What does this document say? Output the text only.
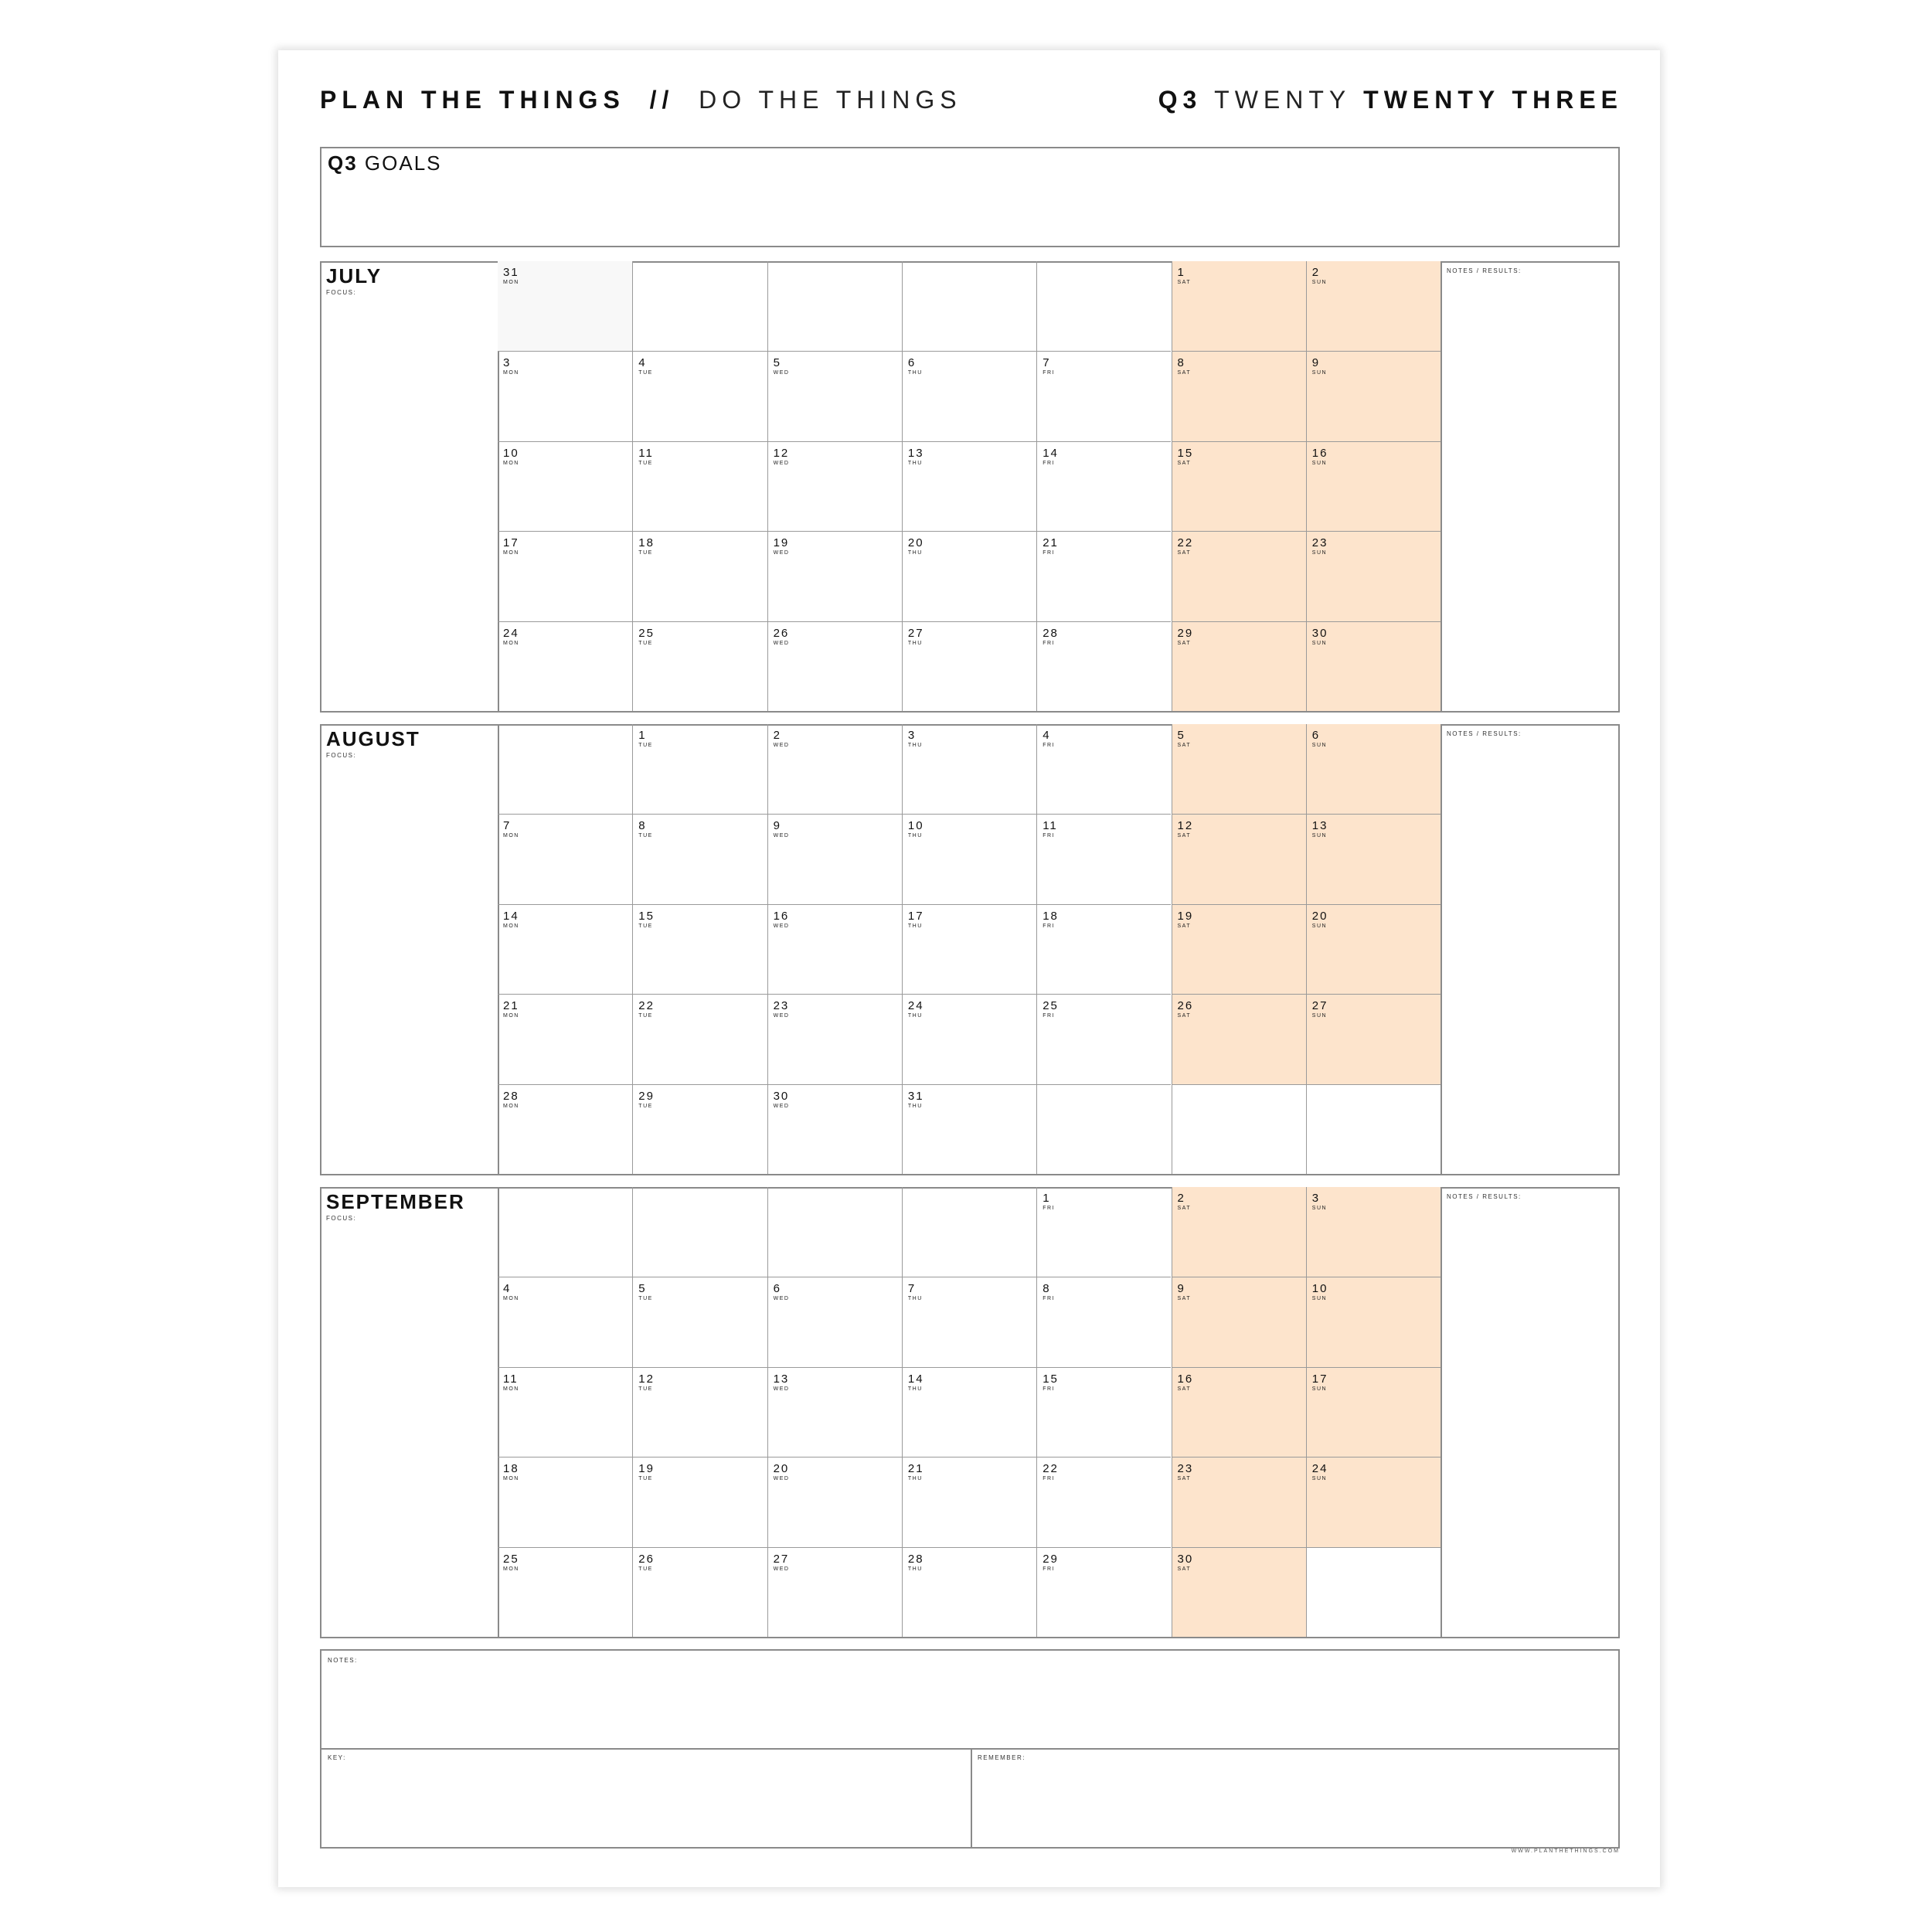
PLAN THE THINGS // DO THE THINGS	Q3 TWENTY TWENTY THREE
Q3 GOALS
JULY
FOCUS:
NOTES / RESULTS:
31
MON
1
SAT
2
SUN
3
MON
4
TUE
5
WED
6
THU
7
FRI
8
SAT
9
SUN
10
MON
11
TUE
12
WED
13
THU
14
FRI
15
SAT
16
SUN
17
MON
18
TUE
19
WED
20
THU
21
FRI
22
SAT
23
SUN
24
MON
25
TUE
26
WED
27
THU
28
FRI
29
SAT
30
SUN
AUGUST
FOCUS:
NOTES / RESULTS:
1
TUE
2
WED
3
THU
4
FRI
5
SAT
6
SUN
7
MON
8
TUE
9
WED
10
THU
11
FRI
12
SAT
13
SUN
14
MON
15
TUE
16
WED
17
THU
18
FRI
19
SAT
20
SUN
21
MON
22
TUE
23
WED
24
THU
25
FRI
26
SAT
27
SUN
28
MON
29
TUE
30
WED
31
THU
SEPTEMBER
FOCUS:
NOTES / RESULTS:
1
FRI
2
SAT
3
SUN
4
MON
5
TUE
6
WED
7
THU
8
FRI
9
SAT
10
SUN
11
MON
12
TUE
13
WED
14
THU
15
FRI
16
SAT
17
SUN
18
MON
19
TUE
20
WED
21
THU
22
FRI
23
SAT
24
SUN
25
MON
26
TUE
27
WED
28
THU
29
FRI
30
SAT
NOTES:
KEY:	REMEMBER:
WWW.PLANTHETHINGS.COM
